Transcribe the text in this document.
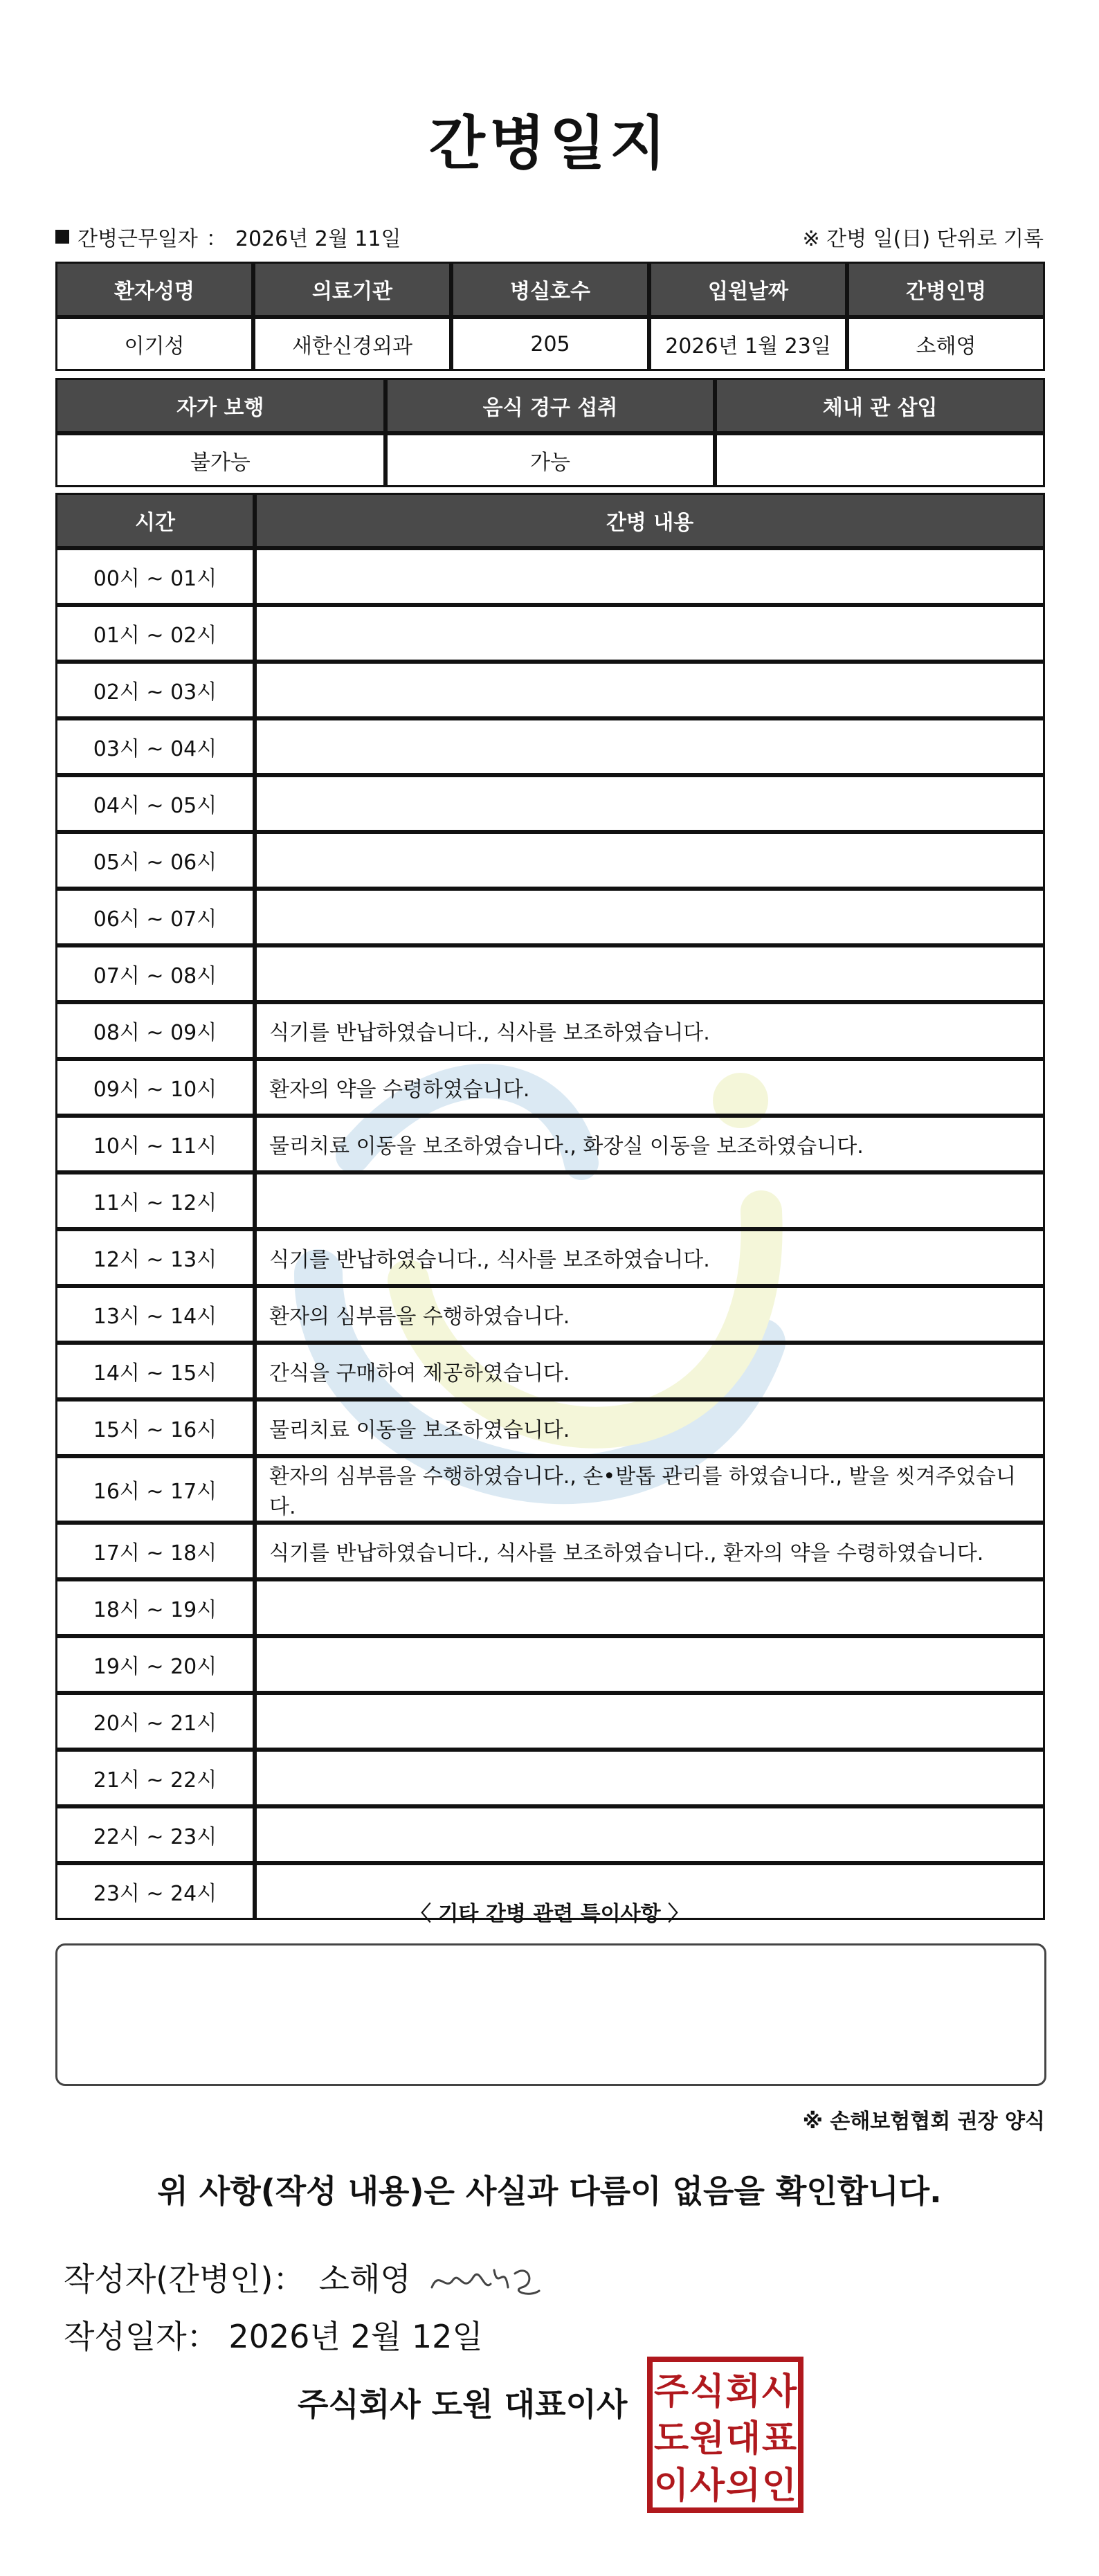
간병일지
간병근무일자 ： 2026년 2월 11일	※ 간병 일(日) 단위로 기록
환자성명	의료기관	병실호수	입원날짜	간병인명
이기성	새한신경외과	205	2026년 1월 23일	소해영
자가 보행	음식 경구 섭취	체내 관 삽입
불가능	가능	
시간	간병 내용
00시 ~ 01시	
01시 ~ 02시	
02시 ~ 03시	
03시 ~ 04시	
04시 ~ 05시	
05시 ~ 06시	
06시 ~ 07시	
07시 ~ 08시	
08시 ~ 09시	식기를 반납하였습니다., 식사를 보조하였습니다.
09시 ~ 10시	환자의 약을 수령하였습니다.
10시 ~ 11시	물리치료 이동을 보조하였습니다., 화장실 이동을 보조하였습니다.
11시 ~ 12시	
12시 ~ 13시	식기를 반납하였습니다., 식사를 보조하였습니다.
13시 ~ 14시	환자의 심부름을 수행하였습니다.
14시 ~ 15시	간식을 구매하여 제공하였습니다.
15시 ~ 16시	물리치료 이동을 보조하였습니다.
16시 ~ 17시	환자의 심부름을 수행하였습니다., 손•발톱 관리를 하였습니다., 발을 씻겨주었습니다.
17시 ~ 18시	식기를 반납하였습니다., 식사를 보조하였습니다., 환자의 약을 수령하였습니다.
18시 ~ 19시	
19시 ~ 20시	
20시 ~ 21시	
21시 ~ 22시	
22시 ~ 23시	
23시 ~ 24시	
〈 기타 간병 관련 특이사항 〉
※ 손해보험협회 권장 양식
위 사항(작성 내용)은 사실과 다름이 없음을 확인합니다.
작성자(간병인)： 소해영
작성일자： 2026년 2월 12일
주식회사 도원 대표이사 주 식 회 사
도 원 대 표
이 사 의 인
